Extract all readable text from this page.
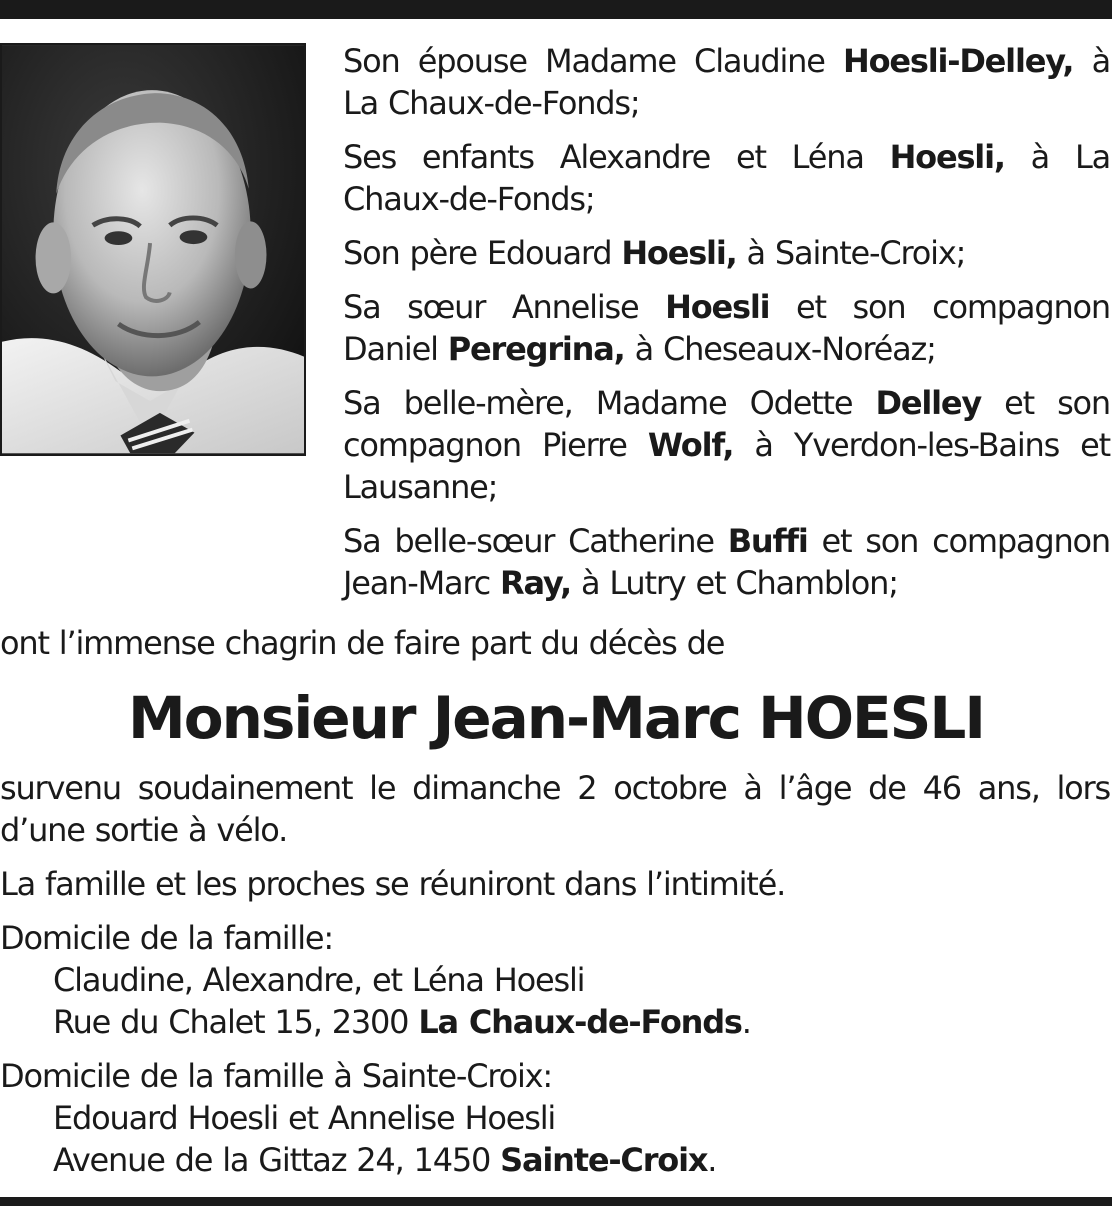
Son épouse Madame Claudine Hoesli-Delley, à La Chaux-de-Fonds;

Ses enfants Alexandre et Léna Hoesli, à La Chaux-de-Fonds;

Son père Edouard Hoesli, à Sainte-Croix;

Sa sœur Annelise Hoesli et son compagnon Daniel Peregrina, à Cheseaux-Noréaz;

Sa belle-mère, Madame Odette Delley et son compagnon Pierre Wolf, à Yverdon-les-Bains et Lausanne;

Sa belle-sœur Catherine Buffi et son compagnon Jean-Marc Ray, à Lutry et Chamblon;

ont l’immense chagrin de faire part du décès de

Monsieur Jean-Marc HOESLI

survenu soudainement le dimanche 2 octobre à l’âge de 46 ans, lors d’une sortie à vélo.

La famille et les proches se réuniront dans l’intimité.

Domicile de la famille:

Claudine, Alexandre, et Léna Hoesli

Rue du Chalet 15, 2300 La Chaux-de-Fonds.

Domicile de la famille à Sainte-Croix:

Edouard Hoesli et Annelise Hoesli

Avenue de la Gittaz 24, 1450 Sainte-Croix.
